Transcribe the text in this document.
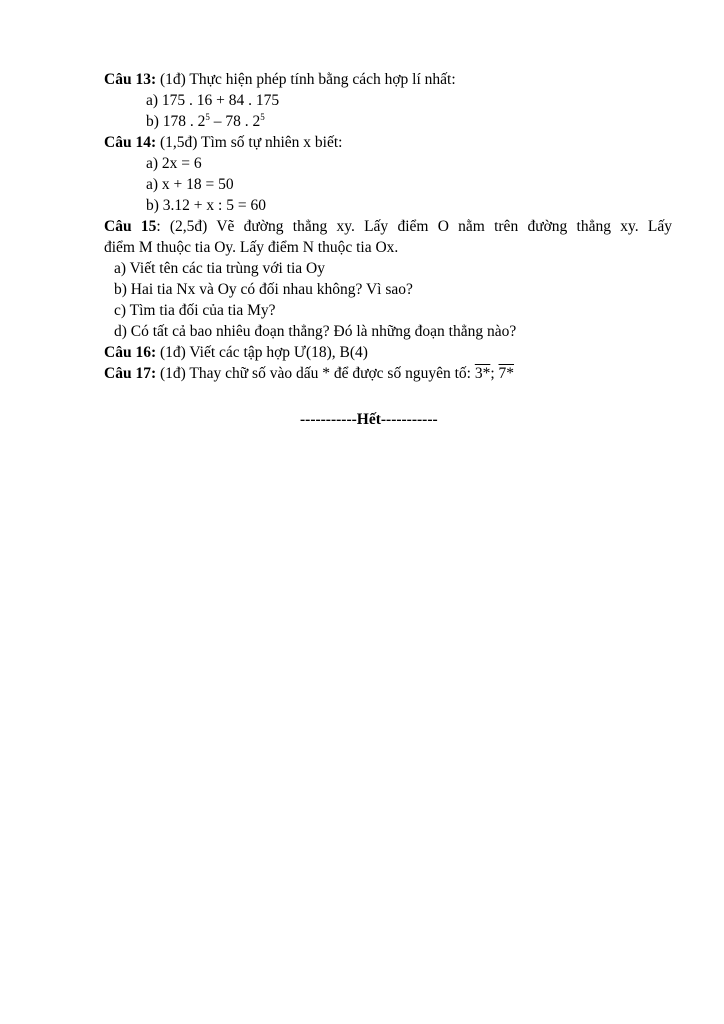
Câu 13: (1đ) Thực hiện phép tính bằng cách hợp lí nhất:
a) 175 . 16 + 84 . 175
b) 178 . $2^5 - 78$ . $2^5$
Câu 14: (1,5đ) Tìm số tự nhiên x biết:
a) 2x = 6
a) x + 18 = 50
b) 3.12 + x : 5 = 60
Câu 15: (2,5đ) Vẽ đường thẳng xy. Lấy điểm O nằm trên đường thẳng xy. Lấy
điểm M thuộc tia Oy. Lấy điểm N thuộc tia Ox.
a) Viết tên các tia trùng với tia Oy
b) Hai tia Nx và Oy có đối nhau không? Vì sao?
c) Tìm tia đối của tia My?
d) Có tất cả bao nhiêu đoạn thẳng? Đó là những đoạn thẳng nào?
Câu 16: (1đ) Viết các tập hợp Ư(18), B(4)
Câu 17: (1đ) Thay chữ số vào dấu * để được số nguyên tố: 3*; 7*
-----------Hết-----------
